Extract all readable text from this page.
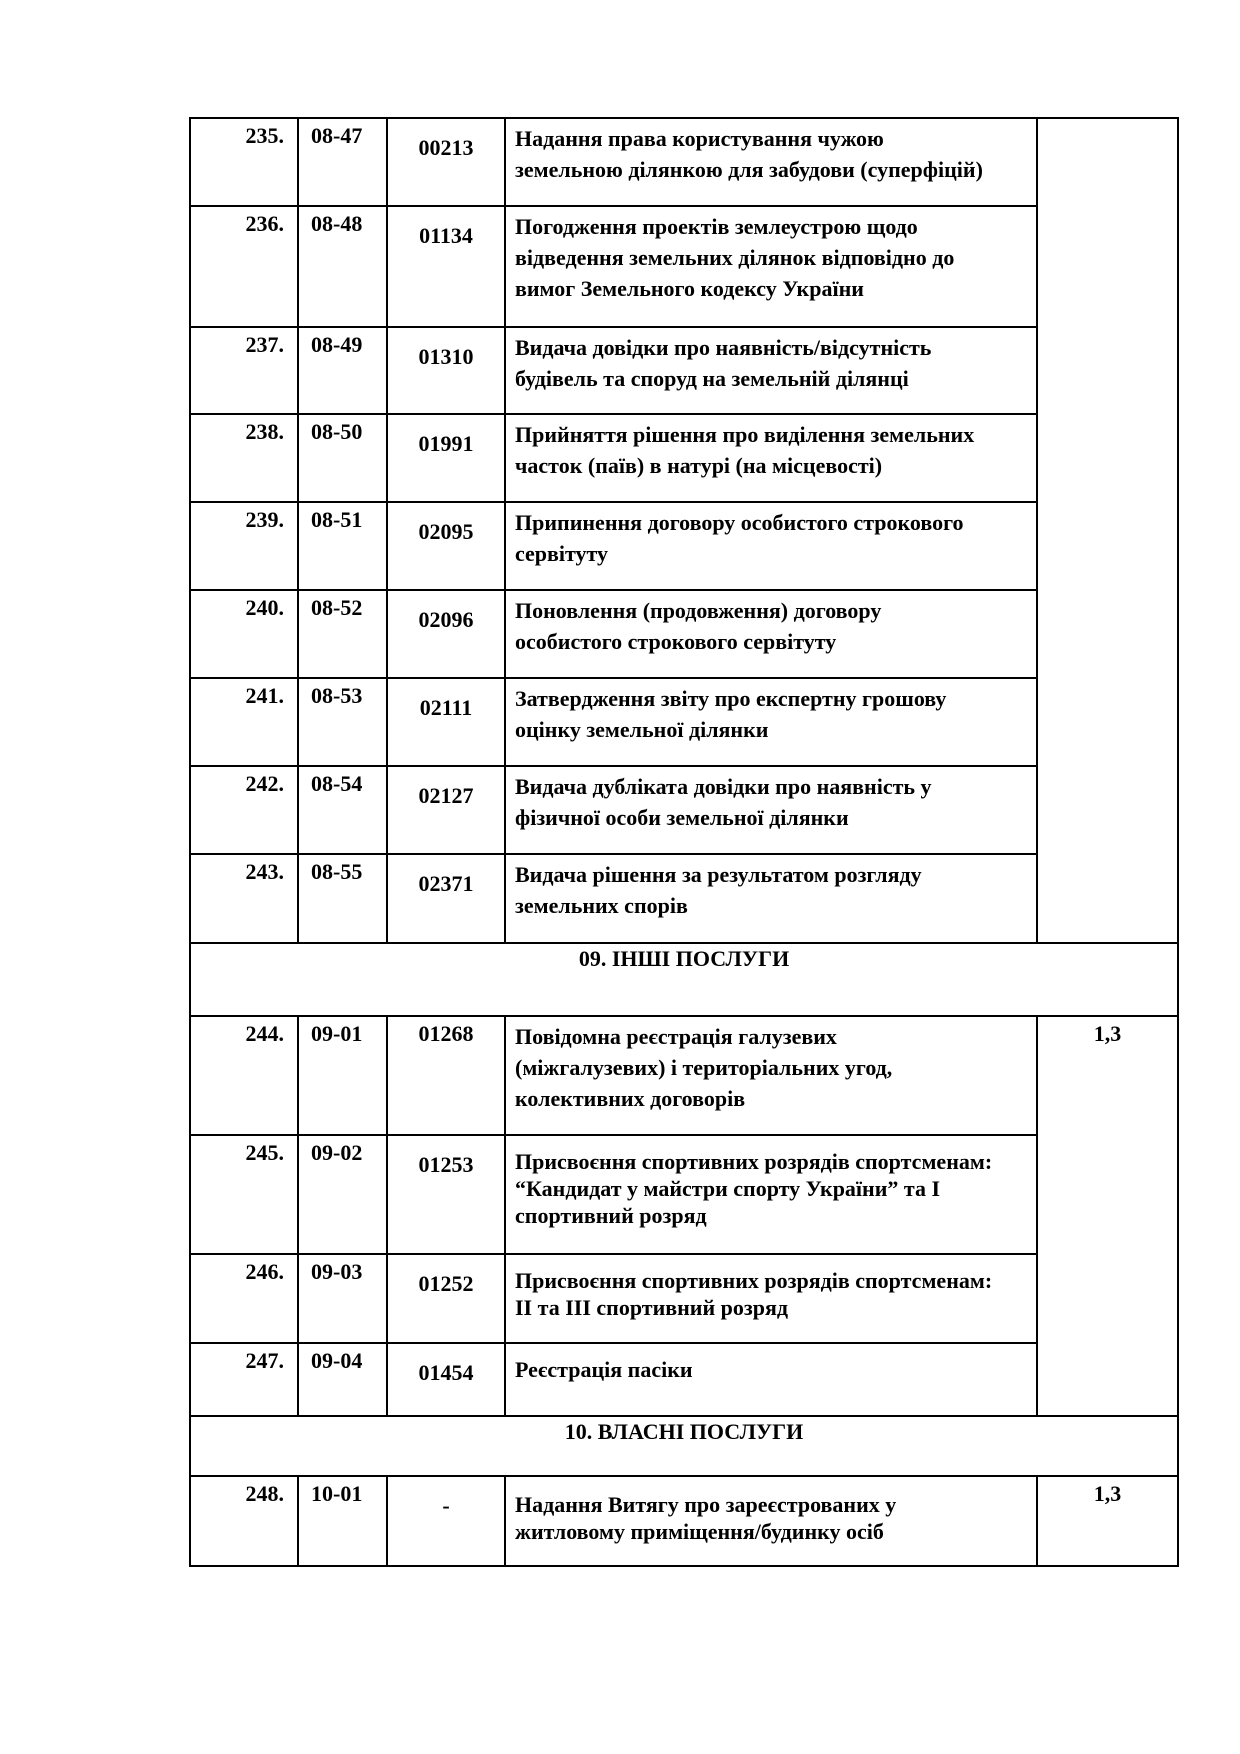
235.	08-47	00213	Надання права користування чужою
земельною ділянкою для забудови (суперфіцій)	

236.	08-48	01134	Погодження проектів землеустрою щодо
відведення земельних ділянок відповідно до
вимог Земельного кодексу України	

237.	08-49	01310	Видача довідки про наявність/відсутність
будівель та споруд на земельній ділянці	

238.	08-50	01991	Прийняття рішення про виділення земельних
часток (паїв) в натурі (на місцевості)	

239.	08-51	02095	Припинення договору особистого строкового
сервітуту	

240.	08-52	02096	Поновлення (продовження) договору
особистого строкового сервітуту	

241.	08-53	02111	Затвердження звіту про експертну грошову
оцінку земельної ділянки	

242.	08-54	02127	Видача дубліката довідки про наявність у
фізичної особи земельної ділянки	

243.	08-55	02371	Видача рішення за результатом розгляду
земельних спорів	

09. ІНШІ ПОСЛУГИ				
244.	09-01	01268	Повідомна реєстрація галузевих
(міжгалузевих) і територіальних угод,
колективних договорів	1,3
245.	09-02	01253	Присвоєння спортивних розрядів спортсменам:
“Кандидат у майстри спорту України” та І
спортивний розряд	

246.	09-03	01252	Присвоєння спортивних розрядів спортсменам:
ІІ та ІІІ спортивний розряд	

247.	09-04	01454	Реєстрація пасіки	

10. ВЛАСНІ ПОСЛУГИ				
248.	10-01	-	Надання Витягу про зареєстрованих у
житловому приміщення/будинку осіб	1,3
